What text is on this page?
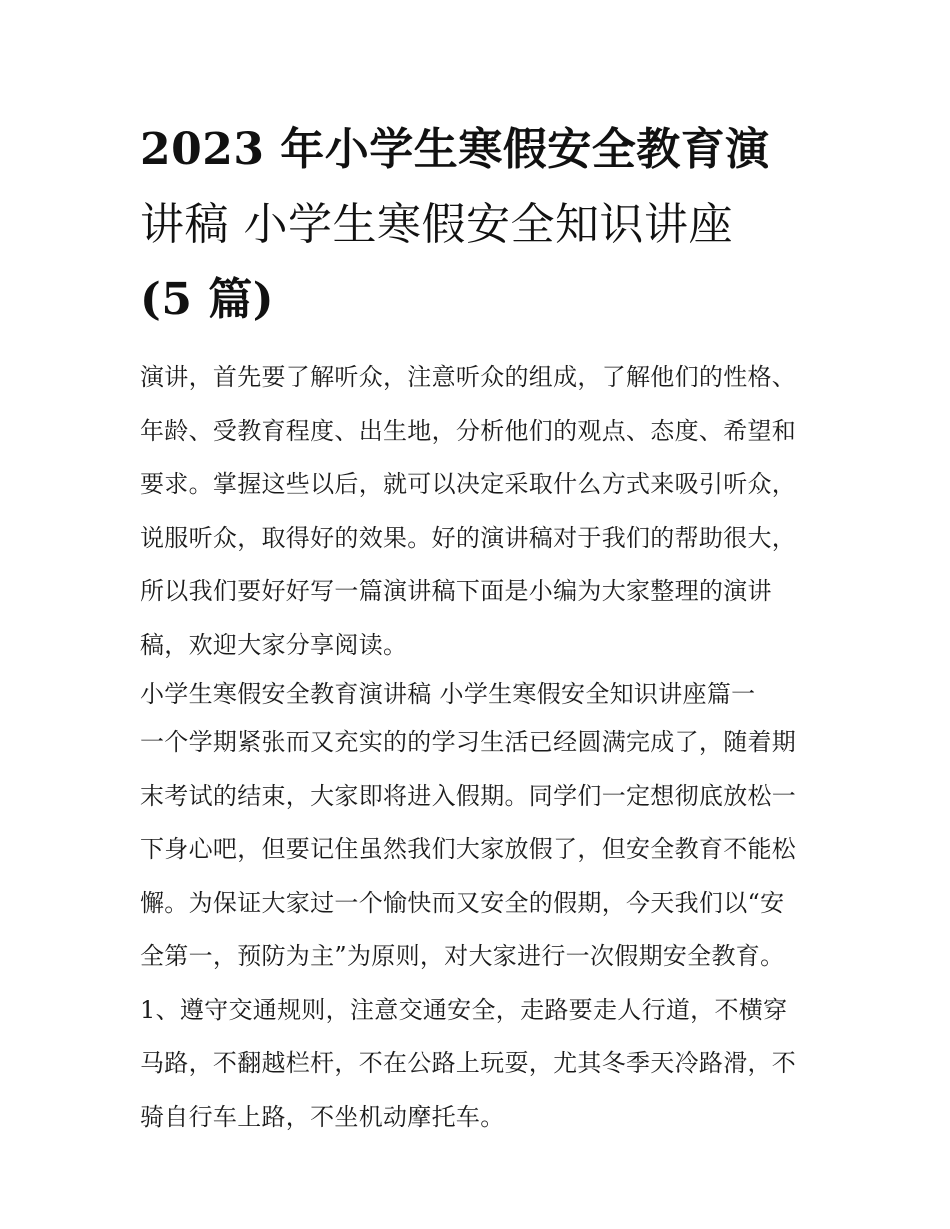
2023 年小学生寒假安全教育演
讲稿 小学生寒假安全知识讲座
(5 篇)
演讲，首先要了解听众，注意听众的组成，了解他们的性格、
年龄、受教育程度、出生地，分析他们的观点、态度、希望和
要求。掌握这些以后，就可以决定采取什么方式来吸引听众，
说服听众，取得好的效果。好的演讲稿对于我们的帮助很大，
所以我们要好好写一篇演讲稿下面是小编为大家整理的演讲
稿，欢迎大家分享阅读。
小学生寒假安全教育演讲稿 小学生寒假安全知识讲座篇一
一个学期紧张而又充实的的学习生活已经圆满完成了，随着期
末考试的结束，大家即将进入假期。同学们一定想彻底放松一
下身心吧，但要记住虽然我们大家放假了，但安全教育不能松
懈。为保证大家过一个愉快而又安全的假期，今天我们以“安
全第一，预防为主”为原则，对大家进行一次假期安全教育。
1、遵守交通规则，注意交通安全，走路要走人行道，不横穿
马路，不翻越栏杆，不在公路上玩耍，尤其冬季天冷路滑，不
骑自行车上路，不坐机动摩托车。
